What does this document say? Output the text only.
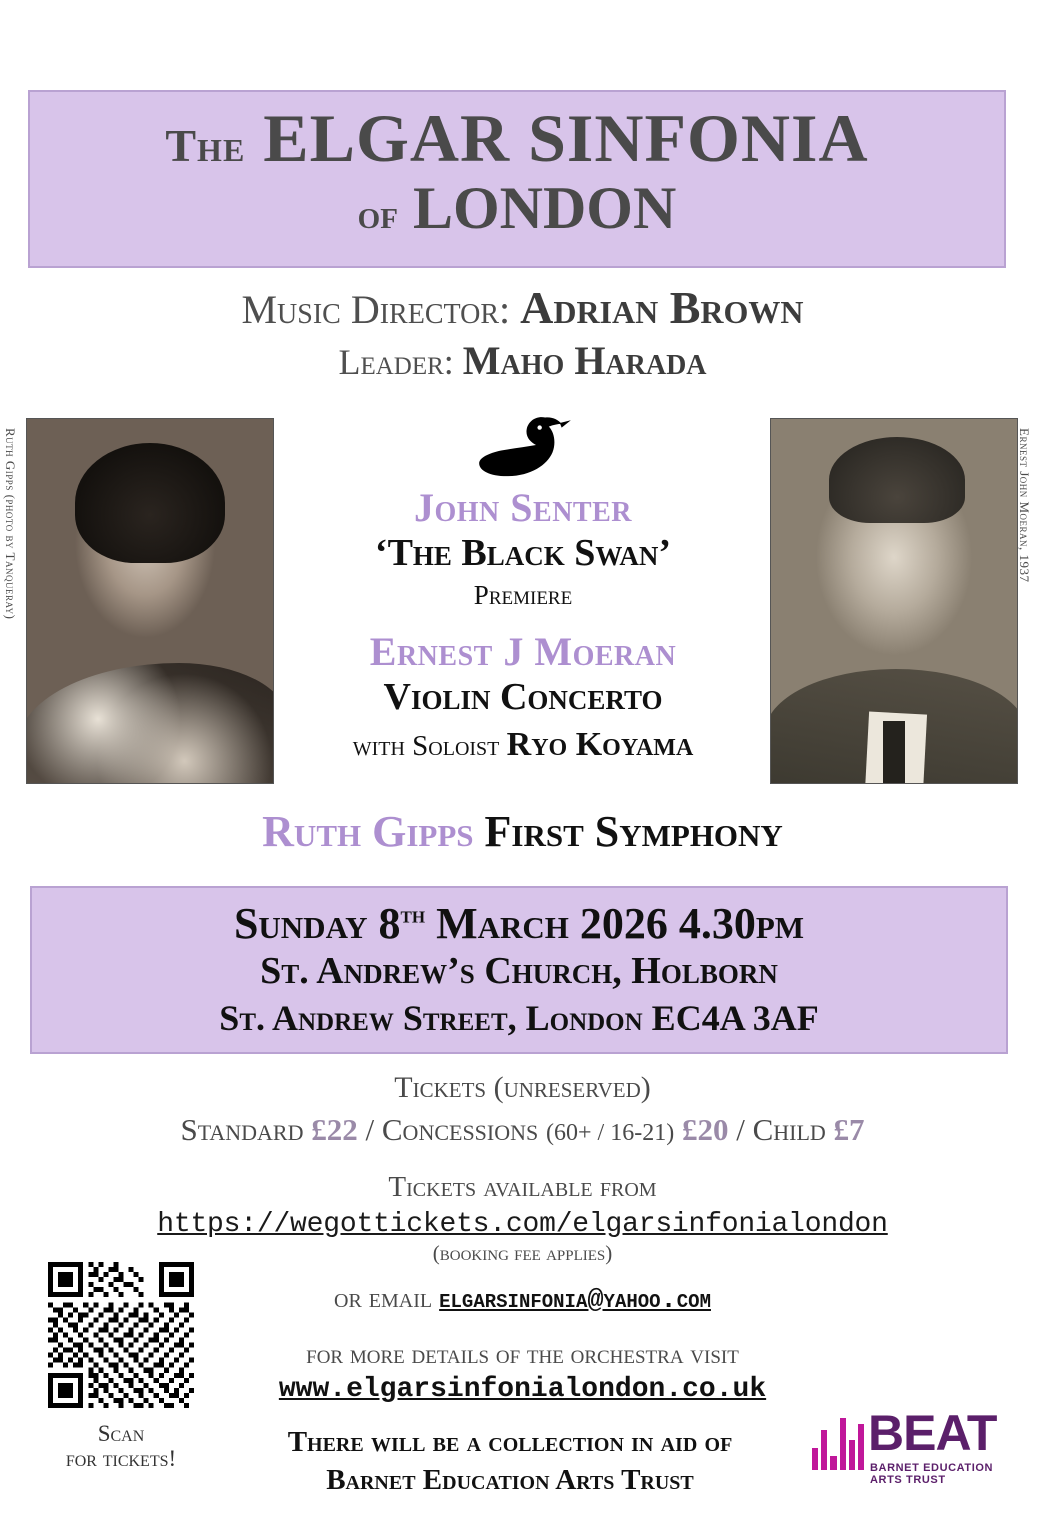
The ELGAR SINFONIA
of LONDON
Music Director: Adrian Brown
Leader: Maho Harada
Ruth Gipps (photo by Tanqueray)	Ernest John Moeran, 1937
John Senter
‘The Black Swan’
Premiere
Ernest J Moeran
Violin Concerto
with Soloist Ryo Koyama
Ruth Gipps First Symphony
Sunday 8th March 2026 4.30pm
St. Andrew’s Church, Holborn
St. Andrew Street, London EC4A 3AF
Tickets (unreserved)
Standard £22 / Concessions (60+ / 16-21) £20 / Child £7
Tickets available from
https://wegottickets.com/elgarsinfonialondon
(booking fee applies)
or email elgarsinfonia@yahoo.com
for more details of the orchestra visit
www.elgarsinfonialondon.co.uk
Scan
for tickets!
There will be a collection in aid of
Barnet Education Arts Trust
BEAT
BARNET EDUCATION ARTS TRUST
